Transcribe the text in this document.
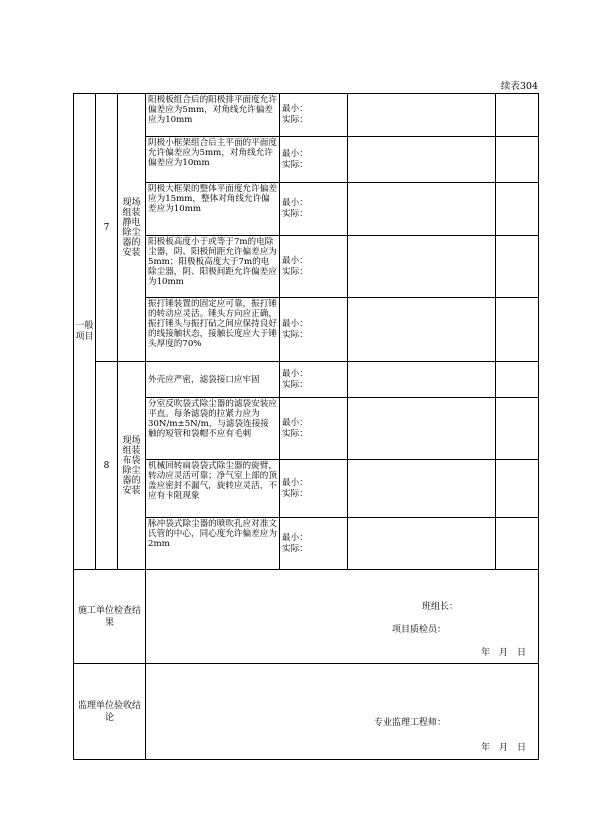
续表304
一般项目	7	现场组装静电除尘器的安装	阳极板组合后的阳极排平面度允许偏差应为5mm，对角线允许偏差应为10mm	最小：
实际：		

			阴极小框架组合后主平面的平面度允许偏差应为5mm，对角线允许偏差应为10mm	最小：
实际：		

			阴极大框架的整体平面度允许偏差应为15mm，整体对角线允许偏差应为10mm	最小：
实际：		

			阳极板高度小于或等于7m的电除尘器，阴、阳极间距允许偏差应为5mm；阳极板高度大于7m的电除尘器，阴、阳极间距允许偏差应为10mm	最小：
实际：		

			振打锤装置的固定应可靠，振打锤的转动应灵活。锤头方向应正确，振打锤头与振打砧之间应保持良好的线接触状态，接触长度应大于锤头厚度的70%	最小：
实际：		

	8	现场组装布袋除尘器的安装	外壳应严密，滤袋接口应牢固	最小：
实际：		

			分室反吹袋式除尘器的滤袋安装应平直。每条滤袋的拉紧力应为30N/m±5N/m，与滤袋连接接触的短管和袋帽不应有毛刺	最小：
实际：		

			机械回转扁袋袋式除尘器的旋臂，转动应灵活可靠；净气室上部的顶盖应密封不漏气，旋转应灵活，不应有卡阻现象	最小：
实际：		

			脉冲袋式除尘器的喷吹孔应对准文氏管的中心，同心度允许偏差应为2mm	最小：
实际：		

施工单位检查结果			班组长：
项目质检员：
年　月　日			

监理单位验收结论			专业监理工程师：
年　月　日			
